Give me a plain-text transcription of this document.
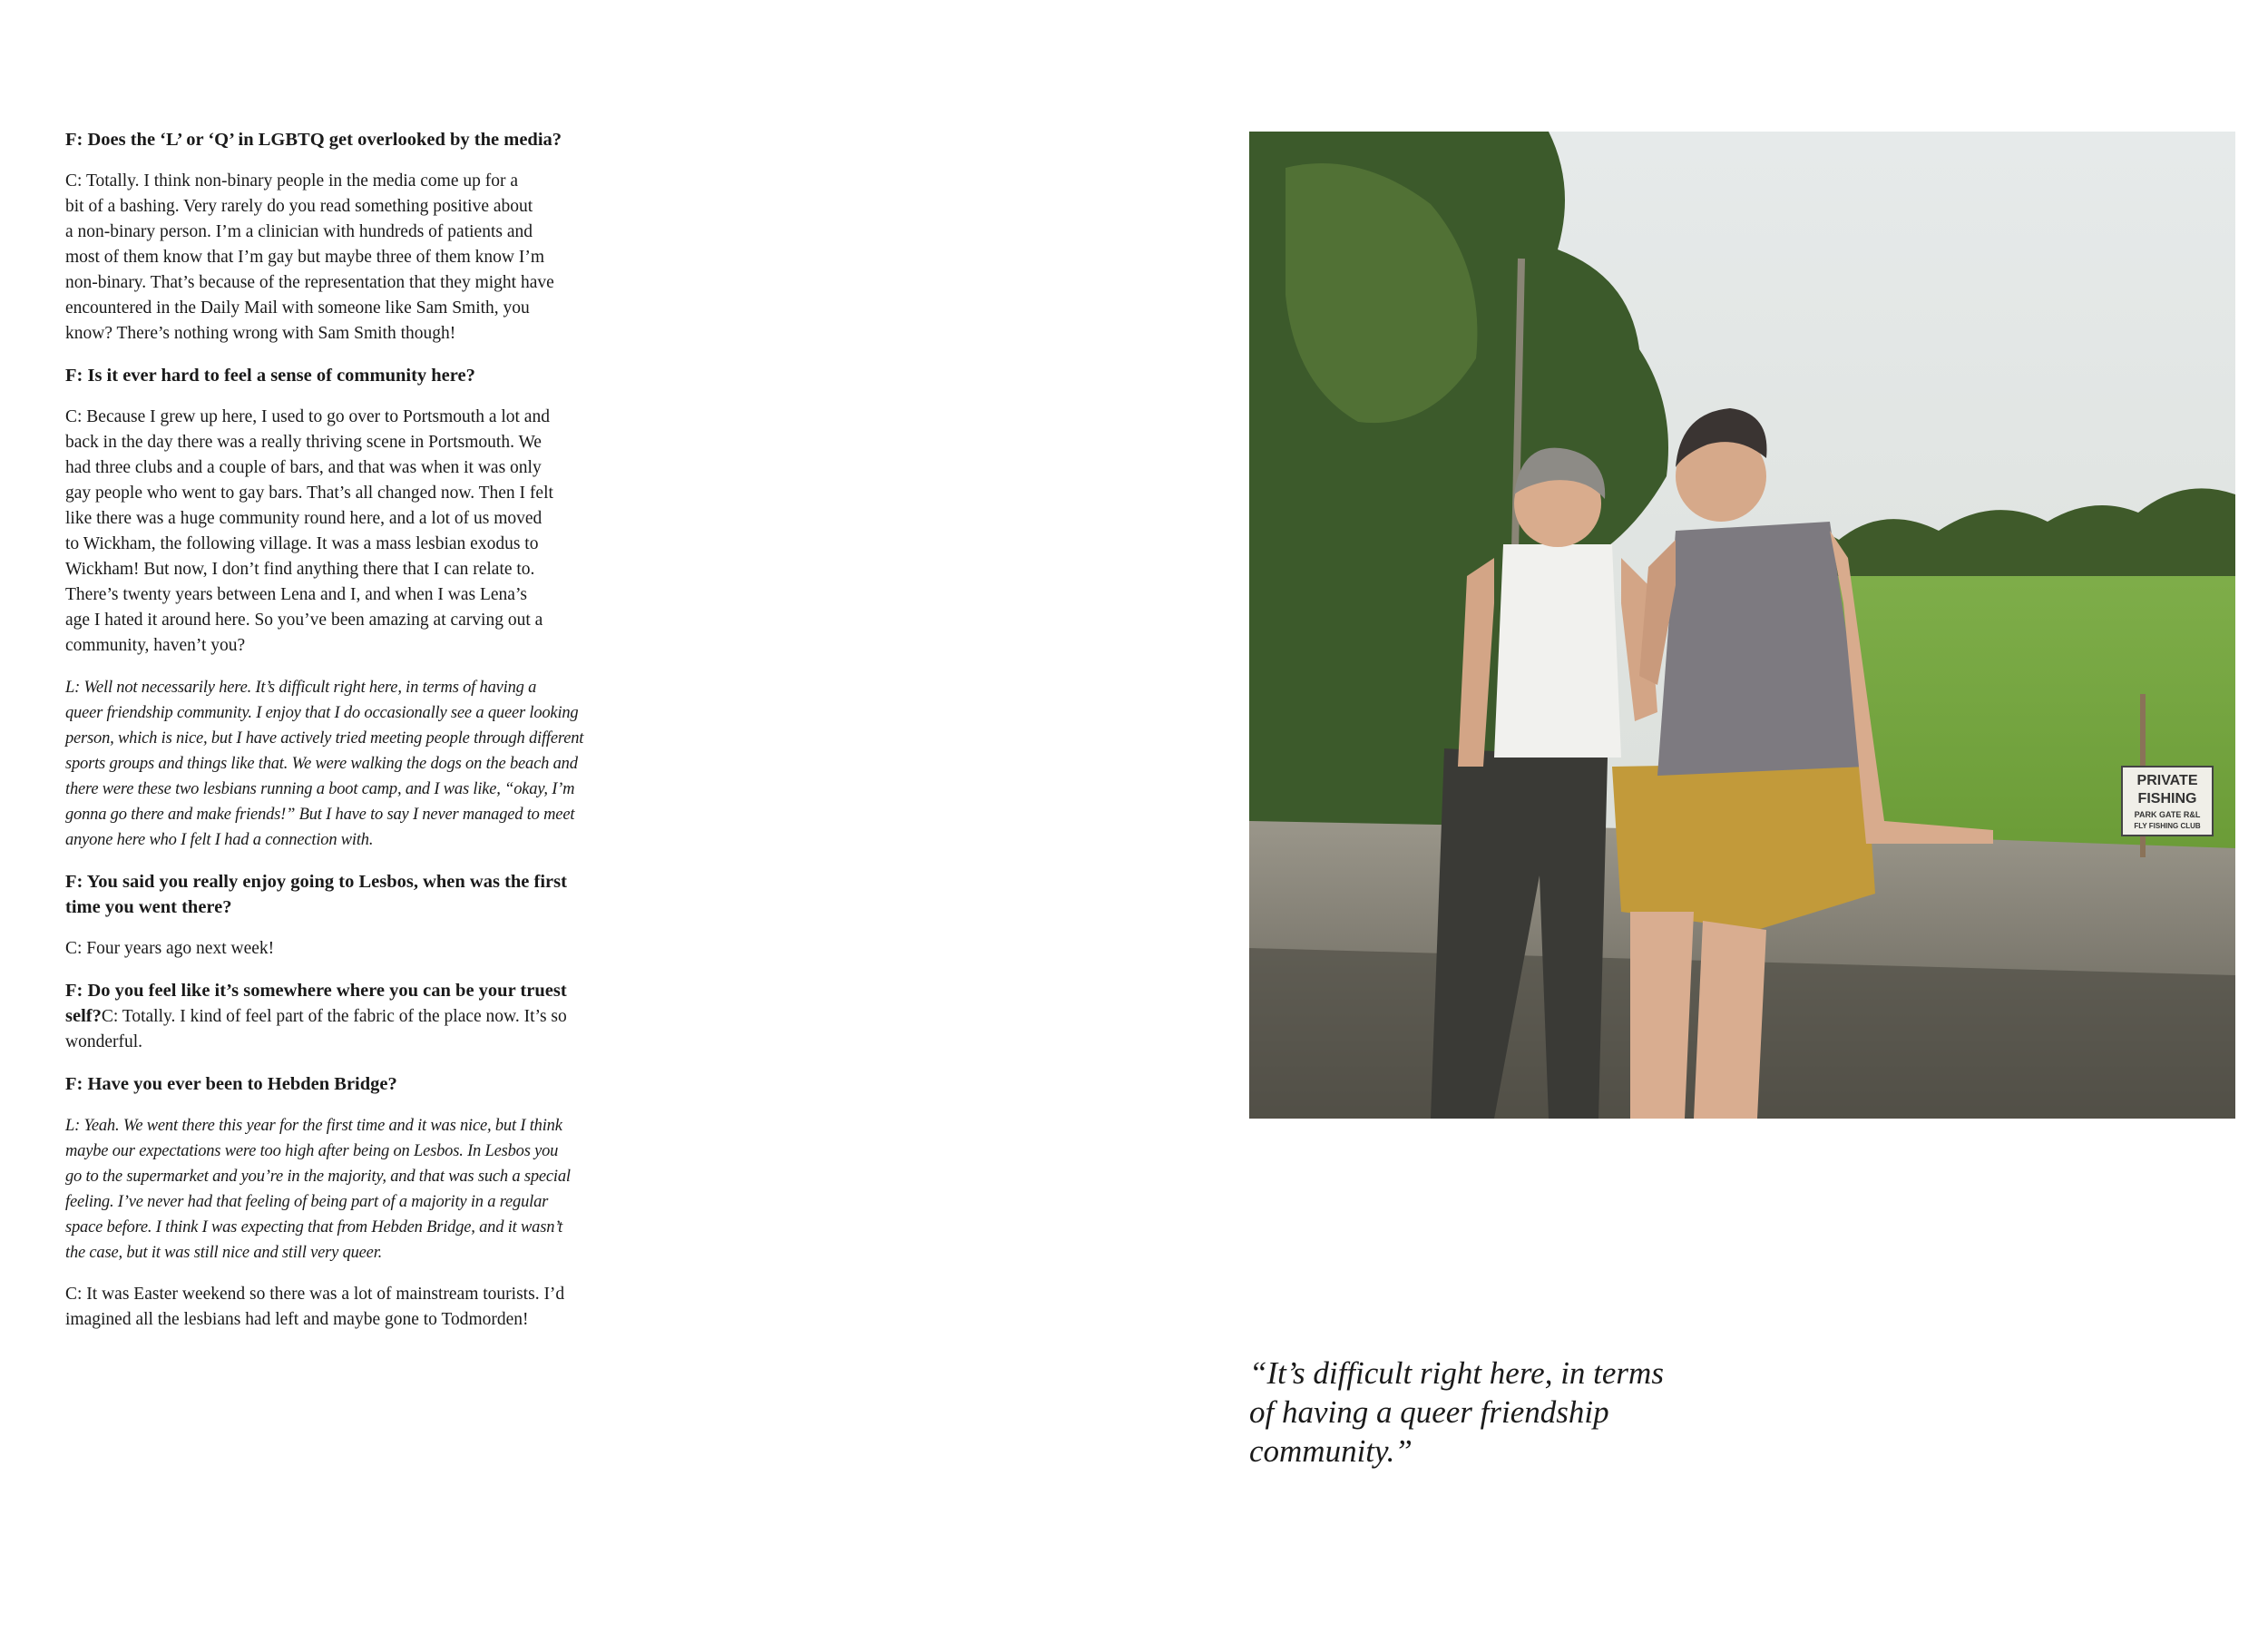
F: Does the ‘L’ or ‘Q’ in LGBTQ get overlooked by the media?

C: Totally. I think non-binary people in the media come up for a

bit of a bashing. Very rarely do you read something positive about

a non-binary person. I’m a clinician with hundreds of patients and

most of them know that I’m gay but maybe three of them know I’m

non-binary. That’s because of the representation that they might have

encountered in the Daily Mail with someone like Sam Smith, you

know? There’s nothing wrong with Sam Smith though!

F: Is it ever hard to feel a sense of community here?

C: Because I grew up here, I used to go over to Portsmouth a lot and

back in the day there was a really thriving scene in Portsmouth. We

had three clubs and a couple of bars, and that was when it was only

gay people who went to gay bars. That’s all changed now. Then I felt

like there was a huge community round here, and a lot of us moved

to Wickham, the following village. It was a mass lesbian exodus to

Wickham! But now, I don’t find anything there that I can relate to.

There’s twenty years between Lena and I, and when I was Lena’s

age I hated it around here. So you’ve been amazing at carving out a

community, haven’t you?

L: Well not necessarily here. It’s difficult right here, in terms of having a
queer friendship community. I enjoy that I do occasionally see a queer looking
person, which is nice, but I have actively tried meeting people through different
sports groups and things like that. We were walking the dogs on the beach and
there were these two lesbians running a boot camp, and I was like, “okay, I’m
gonna go there and make friends!” But I have to say I never managed to meet
anyone here who I felt I had a connection with.
F: You said you really enjoy going to Lesbos, when was the first
time you went there?
C: Four years ago next week!
F: Do you feel like it’s somewhere where you can be your truest
self?C: Totally. I kind of feel part of the fabric of the place now. It’s so
wonderful.
F: Have you ever been to Hebden Bridge?
L: Yeah. We went there this year for the first time and it was nice, but I think
maybe our expectations were too high after being on Lesbos. In Lesbos you
go to the supermarket and you’re in the majority, and that was such a special
feeling. I’ve never had that feeling of being part of a majority in a regular
space before. I think I was expecting that from Hebden Bridge, and it wasn’t
the case, but it was still nice and still very queer.

C: It was Easter weekend so there was a lot of mainstream tourists. I’d

imagined all the lesbians had left and maybe gone to Todmorden!

PRIVATE
FISHING
PARK GATE R&L
FLY FISHING CLUB
“It’s difficult right here, in terms
of having a queer friendship
community.”
